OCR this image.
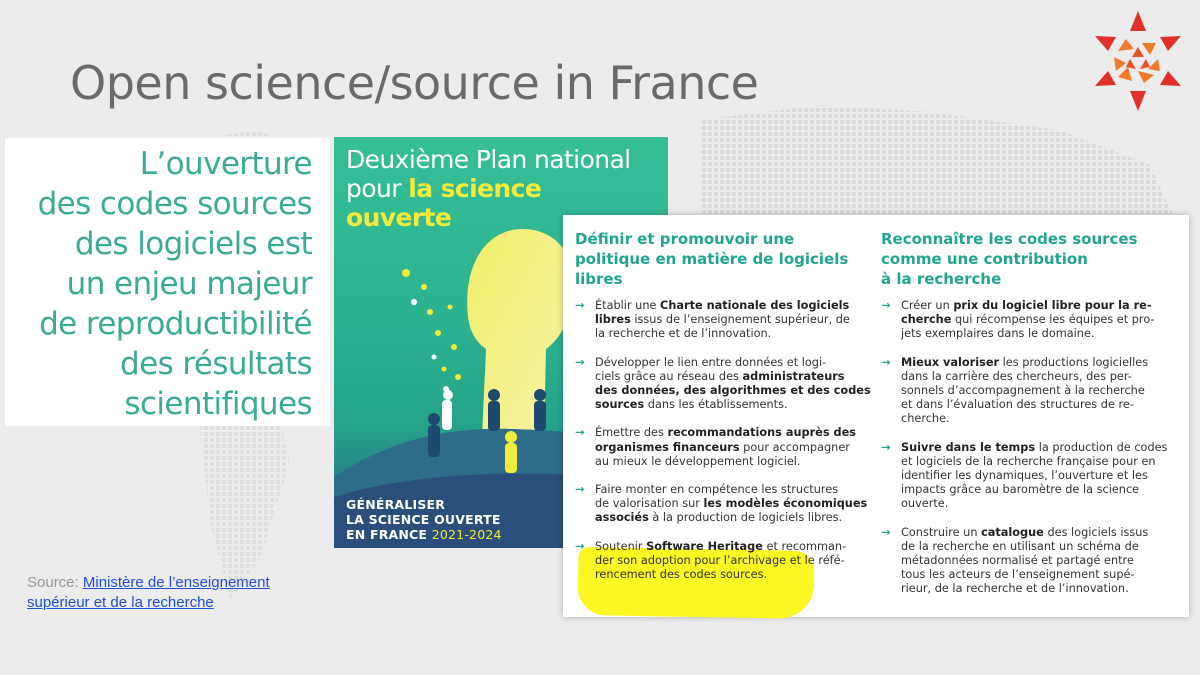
Open science/source in France
L’ouverture
des codes sources
des logiciels est
un enjeu majeur
de reproductibilité
des résultats
scientifiques
Deuxième Plan national
pour la science
ouverte
GÉNÉRALISER
LA SCIENCE OUVERTE
EN FRANCE 2021-2024
Définir et promouvoir une
politique en matière de logiciels
libres
→ Établir une Charte nationale des logiciels
libres issus de l’enseignement supérieur, de
la recherche et de l’innovation.
→ Développer le lien entre données et logi-
ciels grâce au réseau des administrateurs
des données, des algorithmes et des codes
sources dans les établissements.
→ Émettre des recommandations auprès des
organismes financeurs pour accompagner
au mieux le développement logiciel.
→ Faire monter en compétence les structures
de valorisation sur les modèles économiques
associés à la production de logiciels libres.
→ Soutenir Software Heritage et recomman-
der son adoption pour l’archivage et le réfé-
rencement des codes sources.
Reconnaître les codes sources
comme une contribution
à la recherche
→ Créer un prix du logiciel libre pour la re-
cherche qui récompense les équipes et pro-
jets exemplaires dans le domaine.
→ Mieux valoriser les productions logicielles
dans la carrière des chercheurs, des per-
sonnels d’accompagnement à la recherche
et dans l’évaluation des structures de re-
cherche.
→ Suivre dans le temps la production de codes
et logiciels de la recherche française pour en
identifier les dynamiques, l’ouverture et les
impacts grâce au baromètre de la science
ouverte.
→ Construire un catalogue des logiciels issus
de la recherche en utilisant un schéma de
métadonnées normalisé et partagé entre
tous les acteurs de l’enseignement supé-
rieur, de la recherche et de l’innovation.
Source: Ministère de l’enseignement
supérieur et de la recherche
